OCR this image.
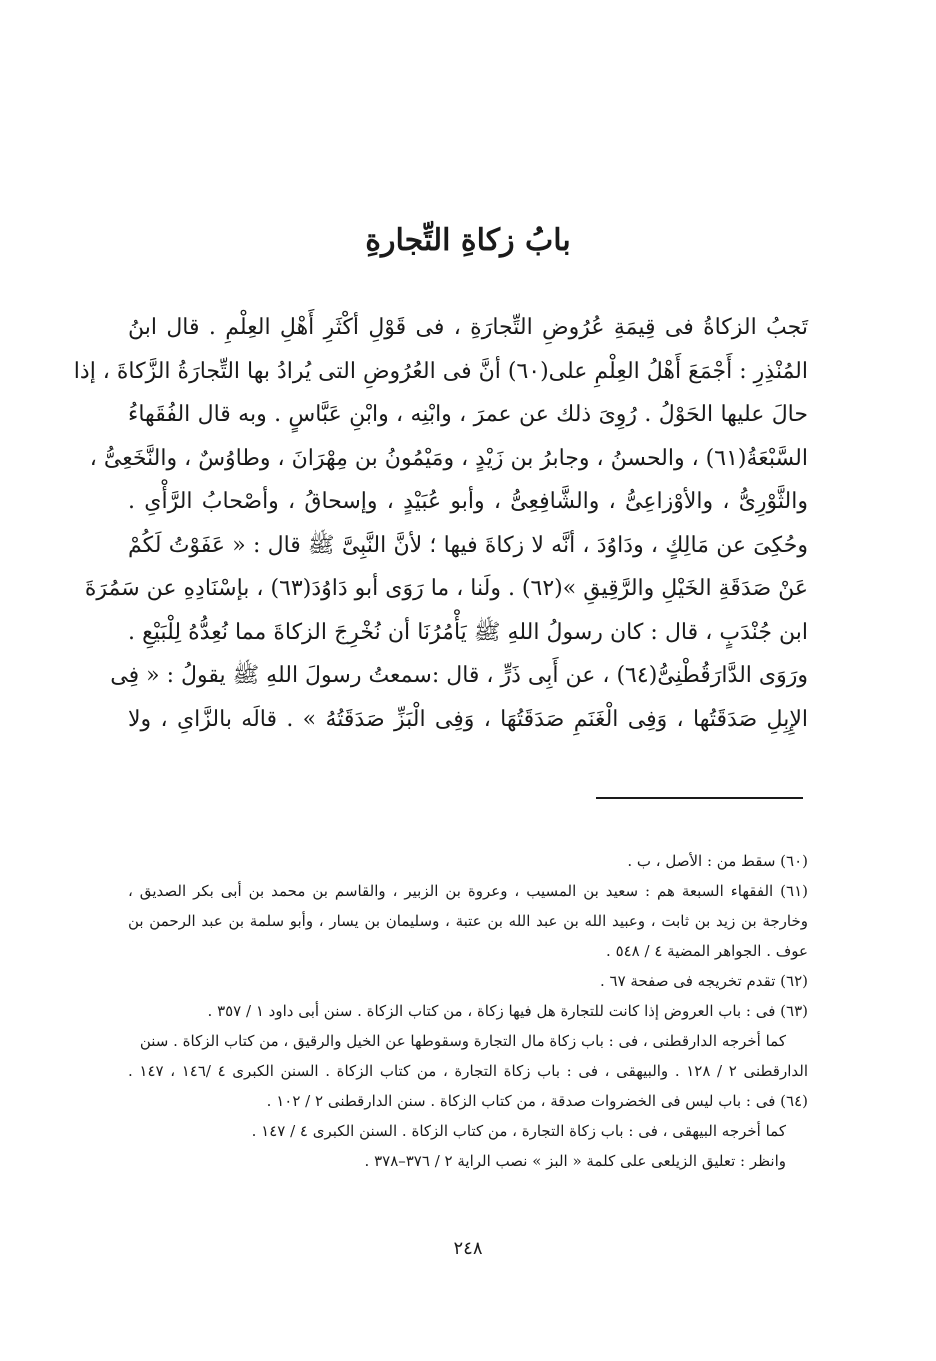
بابُ زكاةِ التِّجارةِ
تَجبُ الزكاةُ فى قِيمَةِ عُرُوضِ التِّجارَةِ ، فى قَوْلِ أكْثَرِ أَهْلِ العِلْمِ . قال ابنُ
المُنْذِرِ : أَجْمَعَ أَهْلُ العِلْمِ على(٦٠) أنَّ فى العُرُوضِ التى يُرادُ بها التِّجارَةُ الزَّكاةَ ، إذا
حالَ عليها الحَوْلُ . رُوِىَ ذلك عن عمرَ ، وابْنِه ، وابْنِ عَبَّاسٍ . وبه قال الفُقَهاءُ
السَّبْعَةُ(٦١) ، والحسنُ ، وجابرُ بن زَيْدٍ ، ومَيْمُونُ بن مِهْرَانَ ، وطاوُسٌ ، والنَّخَعِىُّ ،
والثَّوْرِىُّ ، والأوْزاعِىُّ ، والشَّافِعِىُّ ، وأبو عُبَيْدٍ ، وإسحاقُ ، وأصْحابُ الرَّأْىِ .
وحُكِىَ عن مَالِكٍ ، ودَاوُدَ ، أنَّه لا زكاةَ فيها ؛ لأنَّ النَّبِىَّ ﷺ قال : « عَفَوْتُ لَكُمْ
عَنْ صَدَقَةِ الخَيْلِ والرَّقِيقِ »(٦٢) . ولَنا ، ما رَوَى أبو دَاوُدَ(٦٣) ، بإسْنَادِهِ عن سَمُرَةَ
ابن جُنْدَبٍ ، قال : كان رسولُ اللهِ ﷺ يَأْمُرُنَا أن نُخْرِجَ الزكاةَ مما نُعِدُّهُ لِلْبَيْعِ .
ورَوَى الدَّارَقُطْنِىُّ(٦٤) ، عن أَبِى ذَرٍّ ، قال :سمعتُ رسولَ اللهِ ﷺ يقولُ : « فِى
الإِبِلِ صَدَقَتُها ، وَفِى الْغَنَمِ صَدَقَتُهَا ، وَفِى الْبَزِّ صَدَقَتُهُ » . قالَه بالزَّاىِ ، ولا
(٦٠) سقط من : الأصل ، ب .
(٦١) الفقهاء السبعة هم : سعيد بن المسيب ، وعروة بن الزبير ، والقاسم بن محمد بن أبى بكر الصديق ،
وخارجة بن زيد بن ثابت ، وعبيد الله بن عبد الله بن عتبة ، وسليمان بن يسار ، وأبو سلمة بن عبد الرحمن بن
عوف . الجواهر المضية ٤ / ٥٤٨ .
(٦٢) تقدم تخريجه فى صفحة ٦٧ .
(٦٣) فى : باب العروض إذا كانت للتجارة هل فيها زكاة ، من كتاب الزكاة . سنن أبى داود ١ / ٣٥٧ .
كما أخرجه الدارقطنى ، فى : باب زكاة مال التجارة وسقوطها عن الخيل والرقيق ، من كتاب الزكاة . سنن
الدارقطنى ٢ / ١٢٨ . والبيهقى ، فى : باب زكاة التجارة ، من كتاب الزكاة . السنن الكبرى ٤ /١٤٦ ، ١٤٧ .
(٦٤) فى : باب ليس فى الخضروات صدقة ، من كتاب الزكاة . سنن الدارقطنى ٢ / ١٠٢ .
كما أخرجه البيهقى ، فى : باب زكاة التجارة ، من كتاب الزكاة . السنن الكبرى ٤ / ١٤٧ .
وانظر : تعليق الزيلعى على كلمة « البز » نصب الراية ٢ / ٣٧٦–٣٧٨ .
٢٤٨
